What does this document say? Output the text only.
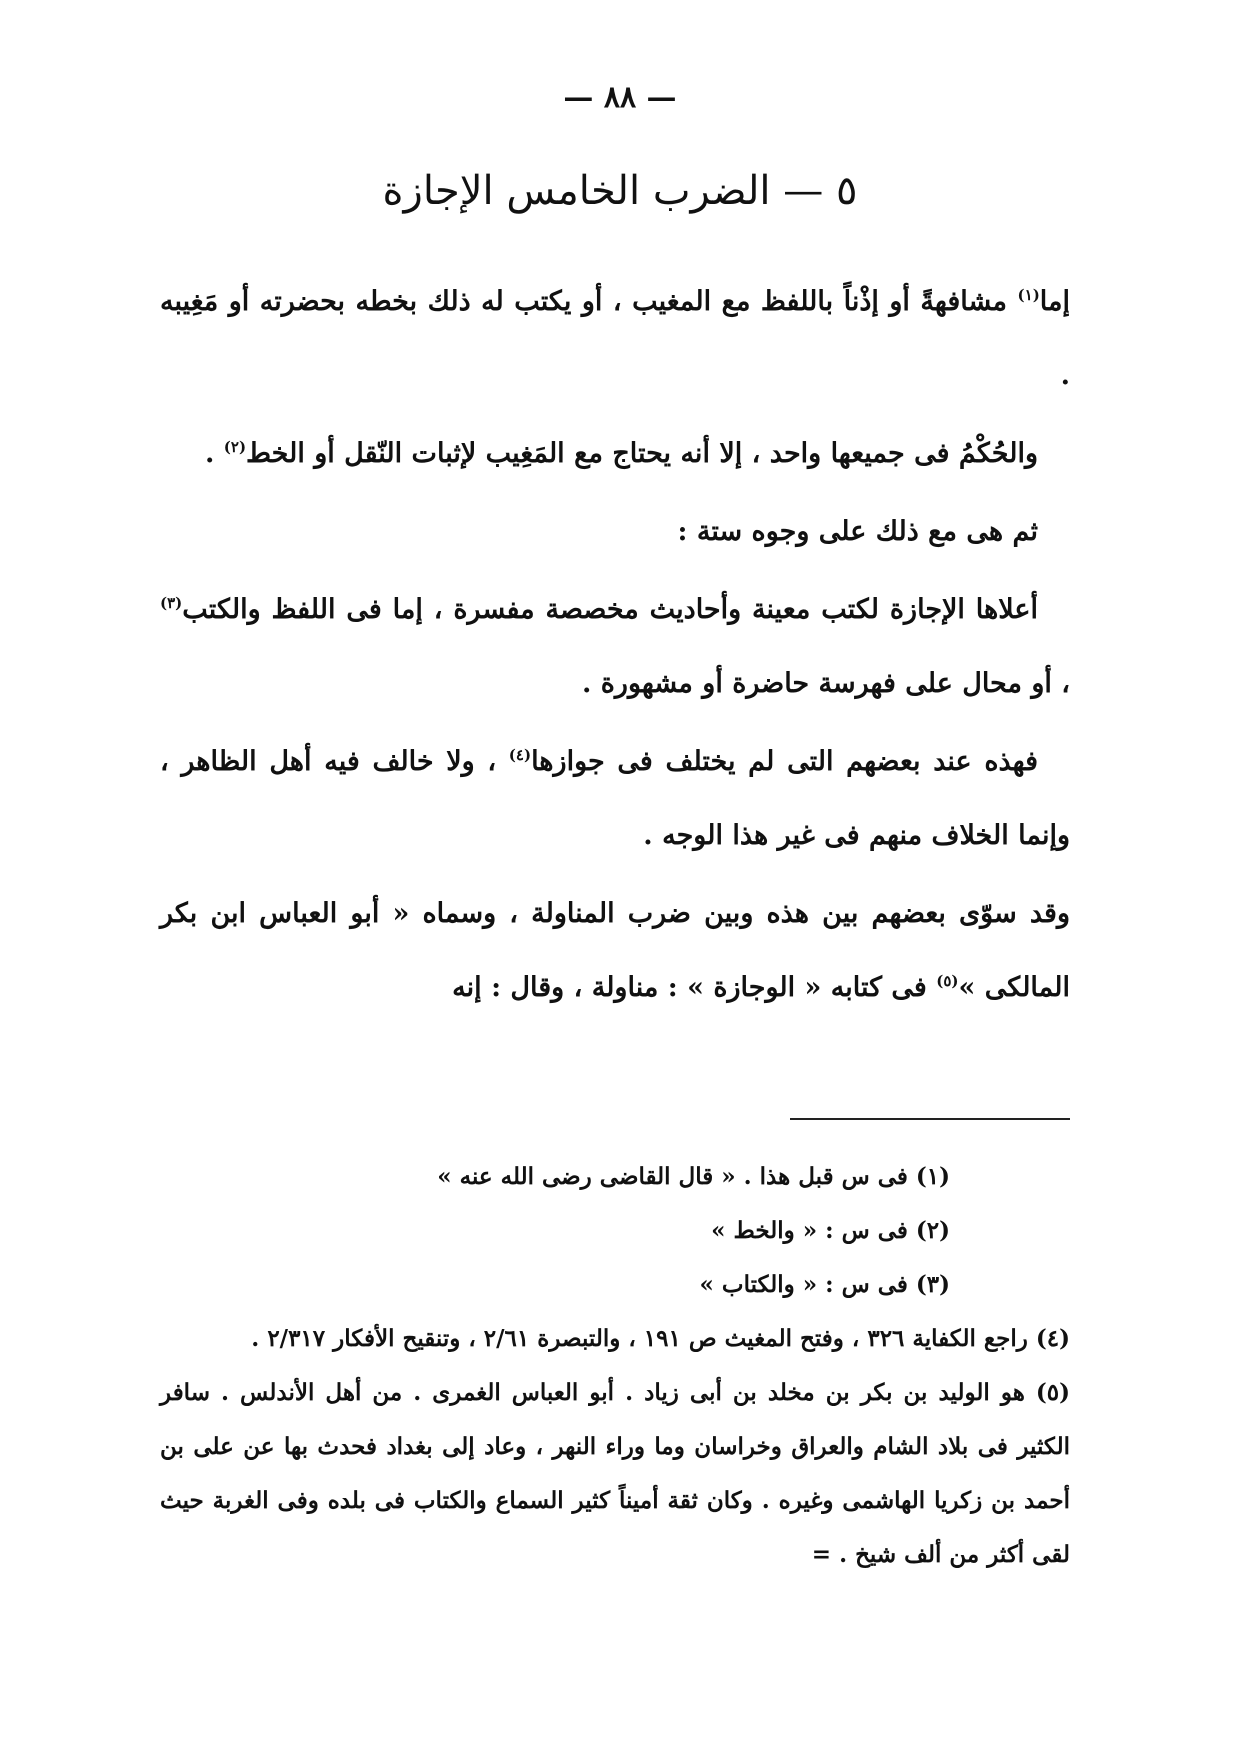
— ٨٨ —
٥ — الضرب الخامس الإجازة

إما$^{(١)}$ مشافهةً أو إذْناً باللفظ مع المغيب ، أو يكتب له ذلك بخطه بحضرته أو مَغِيبه .

والحُكْمُ فى جميعها واحد ، إلا أنه يحتاج مع المَغِيب لإثبات النّقل أو الخط$^{(٢)}$ .

ثم هى مع ذلك على وجوه ستة :

أعلاها الإجازة لكتب معينة وأحاديث مخصصة مفسرة ، إما فى اللفظ والكتب$^{(٣)}$ ، أو محال على فهرسة حاضرة أو مشهورة .

فهذه عند بعضهم التى لم يختلف فى جوازها$^{(٤)}$ ، ولا خالف فيه أهل الظاهر ، وإنما الخلاف منهم فى غير هذا الوجه .

وقد سوّى بعضهم بين هذه وبين ضرب المناولة ، وسماه « أبو العباس ابن بكر المالكى »$^{(٥)}$ فى كتابه « الوجازة » : مناولة ، وقال : إنه

(١) فى س قبل هذا . « قال القاضى رضى الله عنه »

(٢) فى س : « والخط »

(٣) فى س : « والكتاب »

(٤) راجع الكفاية ٣٢٦ ، وفتح المغيث ص ١٩١ ، والتبصرة ٢/٦١ ، وتنقيح الأفكار ٢/٣١٧ .

(٥) هو الوليد بن بكر بن مخلد بن أبى زياد . أبو العباس الغمرى . من أهل الأندلس . سافر الكثير فى بلاد الشام والعراق وخراسان وما وراء النهر ، وعاد إلى بغداد فحدث بها عن على بن أحمد بن زكريا الهاشمى وغيره . وكان ثقة أميناً كثير السماع والكتاب فى بلده وفى الغربة حيث لقى أكثر من ألف شيخ . =
